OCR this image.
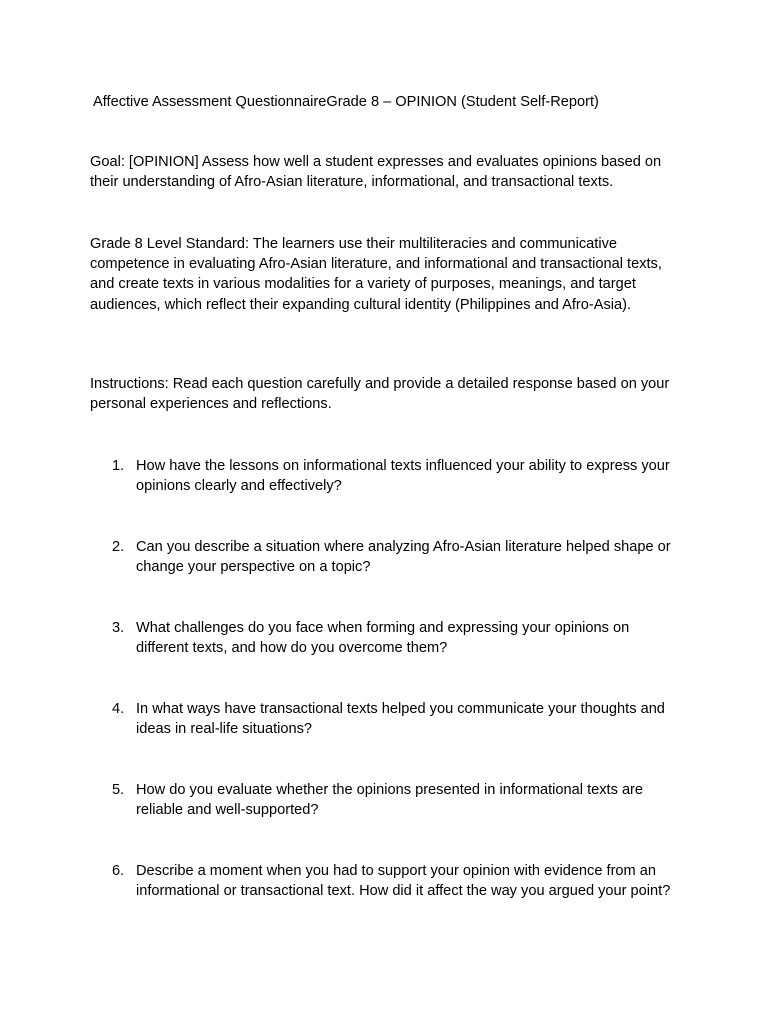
Affective Assessment QuestionnaireGrade 8 – OPINION (Student Self-Report)

Goal: [OPINION] Assess how well a student expresses and evaluates opinions based on their understanding of Afro-Asian literature, informational, and transactional texts.

Grade 8 Level Standard: The learners use their multiliteracies and communicative competence in evaluating Afro-Asian literature, and informational and transactional texts, and create texts in various modalities for a variety of purposes, meanings, and target audiences, which reflect their expanding cultural identity (Philippines and Afro-Asia).

Instructions: Read each question carefully and provide a detailed response based on your personal experiences and reflections.

1. How have the lessons on informational texts influenced your ability to express your opinions clearly and effectively?
2. Can you describe a situation where analyzing Afro-Asian literature helped shape or change your perspective on a topic?
3. What challenges do you face when forming and expressing your opinions on different texts, and how do you overcome them?
4. In what ways have transactional texts helped you communicate your thoughts and ideas in real-life situations?
5. How do you evaluate whether the opinions presented in informational texts are reliable and well-supported?
6. Describe a moment when you had to support your opinion with evidence from an informational or transactional text. How did it affect the way you argued your point?
